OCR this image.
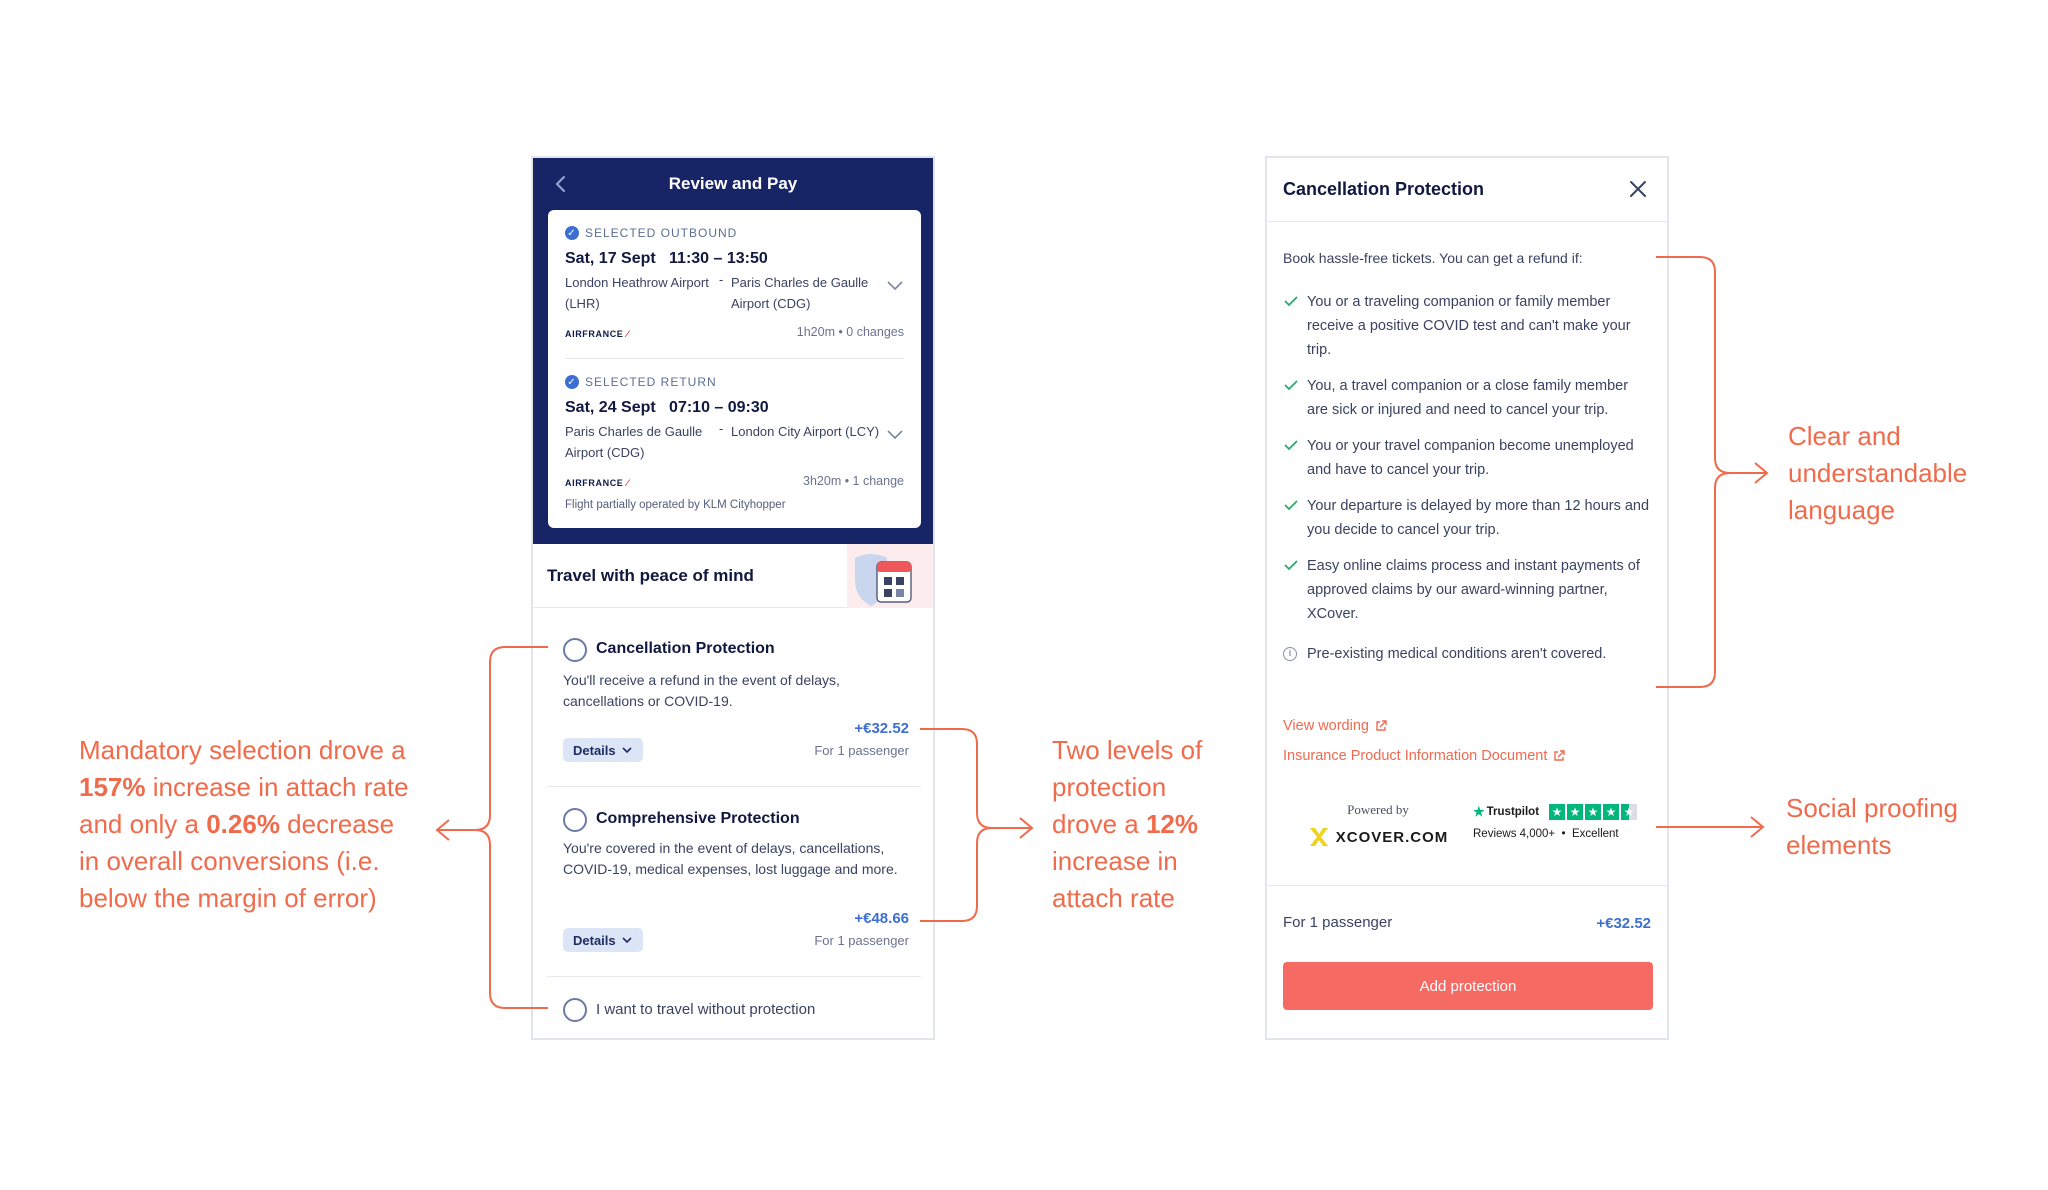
Review and Pay
✓ SELECTED OUTBOUND
Sat, 17 Sept   11:30 – 13:50
London Heathrow Airport (LHR)
- Paris Charles de Gaulle Airport (CDG)
AIRFRANCE ⁄	1h20m • 0 changes
✓ SELECTED RETURN
Sat, 24 Sept   07:10 – 09:30
Paris Charles de Gaulle Airport (CDG)
- London City Airport (LCY)
AIRFRANCE ⁄	3h20m • 1 change
Flight partially operated by KLM Cityhopper
Travel with peace of mind
Cancellation Protection
You'll receive a refund in the event of delays, cancellations or COVID-19.
+€32.52
For 1 passenger
Details
Comprehensive Protection
You're covered in the event of delays, cancellations, COVID-19, medical expenses, lost luggage and more.
+€48.66
For 1 passenger
Details
I want to travel without protection
Cancellation Protection
Book hassle-free tickets. You can get a refund if:
You or a traveling companion or family member receive a positive COVID test and can't make your trip.
You, a travel companion or a close family member are sick or injured and need to cancel your trip.
You or your travel companion become unemployed and have to cancel your trip.
Your departure is delayed by more than 12 hours and you decide to cancel your trip.
Easy online claims process and instant payments of approved claims by our award-winning partner, XCover.
i	Pre-existing medical conditions aren't covered.
View wording
Insurance Product Information Document
Powered by
XCOVER.COM
★ Trustpilot ★ ★ ★ ★ ★
Reviews 4,000+  •  Excellent
For 1 passenger	+€32.52
Add protection
Mandatory selection drove a
157% increase in attach rate
and only a 0.26% decrease
in overall conversions (i.e.
below the margin of error)
Two levels of
protection
drove a 12%
increase in
attach rate
Clear and
understandable
language
Social proofing
elements
